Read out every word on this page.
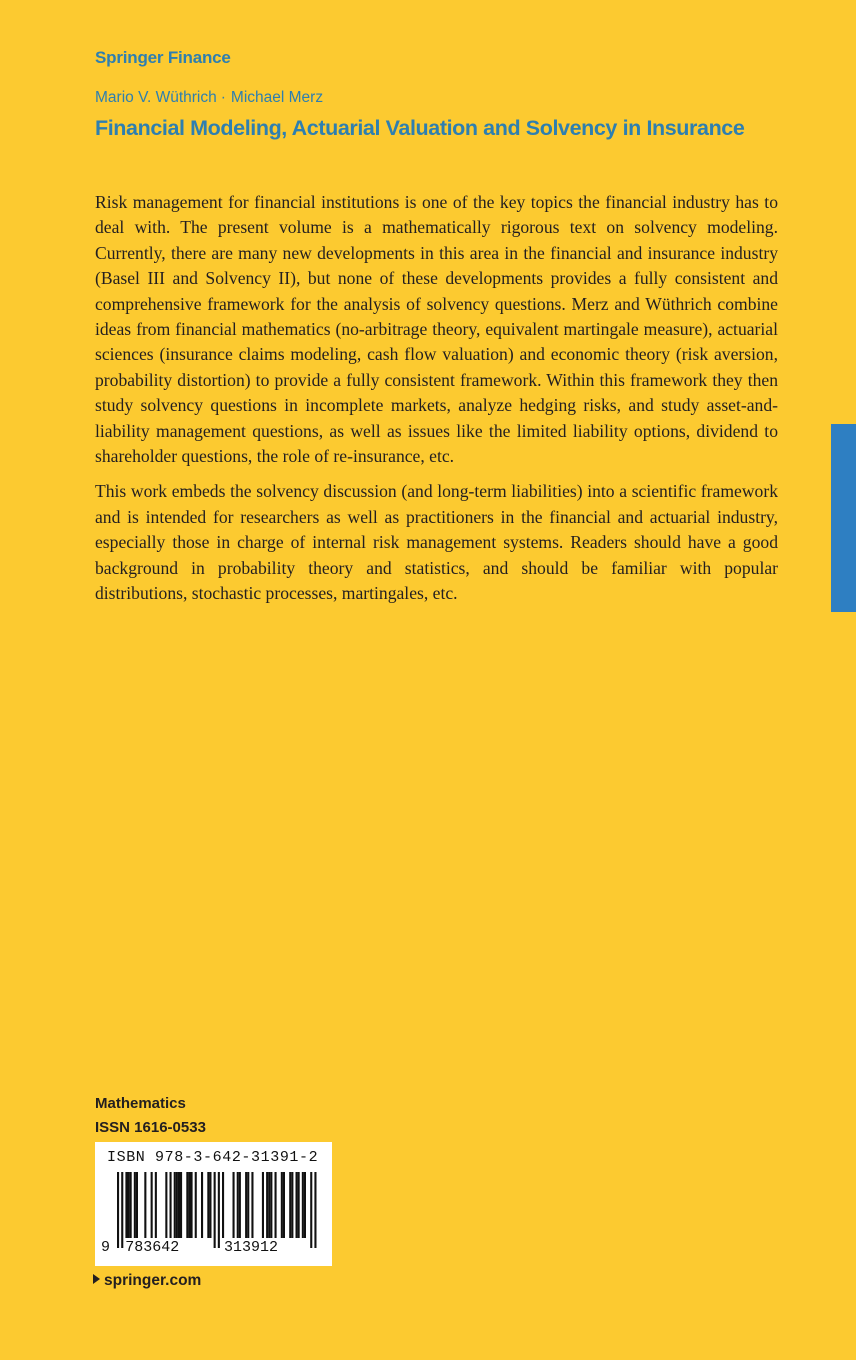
Springer Finance
Mario V. Wüthrich · Michael Merz
Financial Modeling, Actuarial Valuation and Solvency in Insurance

Risk management for financial institutions is one of the key topics the financial industry has to deal with. The present volume is a mathematically rigorous text on solvency modeling. Currently, there are many new developments in this area in the financial and insurance industry (Basel III and Solvency II), but none of these developments provides a fully consistent and comprehensive framework for the analysis of solvency questions. Merz and Wüthrich combine ideas from financial mathematics (no-arbitrage theory, equivalent martingale measure), actuarial sciences (insurance claims modeling, cash flow valuation) and economic theory (risk aversion, probability distortion) to provide a fully consistent framework. Within this framework they then study solvency questions in incomplete markets, analyze hedging risks, and study asset-and-liability management questions, as well as issues like the limited liability options, dividend to shareholder questions, the role of re-insurance, etc.

This work embeds the solvency discussion (and long-term liabilities) into a scientific framework and is intended for researchers as well as practitioners in the financial and actuarial industry, especially those in charge of internal risk management systems. Readers should have a good background in probability theory and statistics, and should be familiar with popular distributions, stochastic processes, martingales, etc.

Mathematics
ISSN 1616-0533
ISBN 978-3-642-31391-2
9 783642	313912
springer.com
